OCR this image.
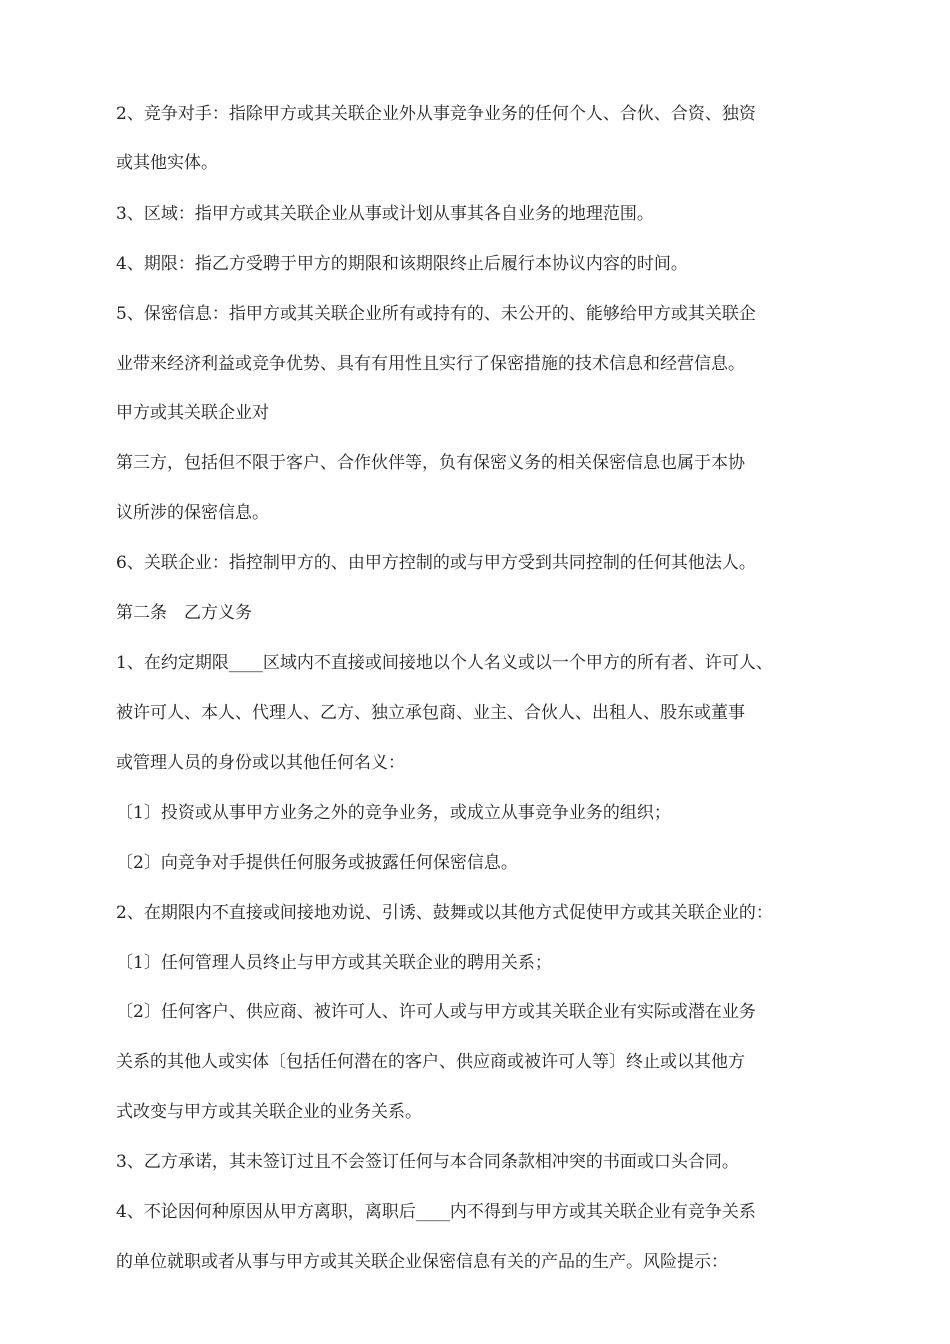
2、竞争对手：指除甲方或其关联企业外从事竞争业务的任何个人、合伙、合资、独资
或其他实体。
3、区域：指甲方或其关联企业从事或计划从事其各自业务的地理范围。
4、期限：指乙方受聘于甲方的期限和该期限终止后履行本协议内容的时间。
5、保密信息：指甲方或其关联企业所有或持有的、未公开的、能够给甲方或其关联企
业带来经济利益或竞争优势、具有有用性且实行了保密措施的技术信息和经营信息。
甲方或其关联企业对
第三方，包括但不限于客户、合作伙伴等，负有保密义务的相关保密信息也属于本协
议所涉的保密信息。
6、关联企业：指控制甲方的、由甲方控制的或与甲方受到共同控制的任何其他法人。
第二条　乙方义务
1、在约定期限____区域内不直接或间接地以个人名义或以一个甲方的所有者、许可人、
被许可人、本人、代理人、乙方、独立承包商、业主、合伙人、出租人、股东或董事
或管理人员的身份或以其他任何名义：
〔1〕投资或从事甲方业务之外的竞争业务，或成立从事竞争业务的组织；
〔2〕向竞争对手提供任何服务或披露任何保密信息。
2、在期限内不直接或间接地劝说、引诱、鼓舞或以其他方式促使甲方或其关联企业的：
〔1〕任何管理人员终止与甲方或其关联企业的聘用关系；
〔2〕任何客户、供应商、被许可人、许可人或与甲方或其关联企业有实际或潜在业务
关系的其他人或实体〔包括任何潜在的客户、供应商或被许可人等〕终止或以其他方
式改变与甲方或其关联企业的业务关系。
3、乙方承诺，其未签订过且不会签订任何与本合同条款相冲突的书面或口头合同。
4、不论因何种原因从甲方离职，离职后____内不得到与甲方或其关联企业有竞争关系
的单位就职或者从事与甲方或其关联企业保密信息有关的产品的生产。风险提示：
